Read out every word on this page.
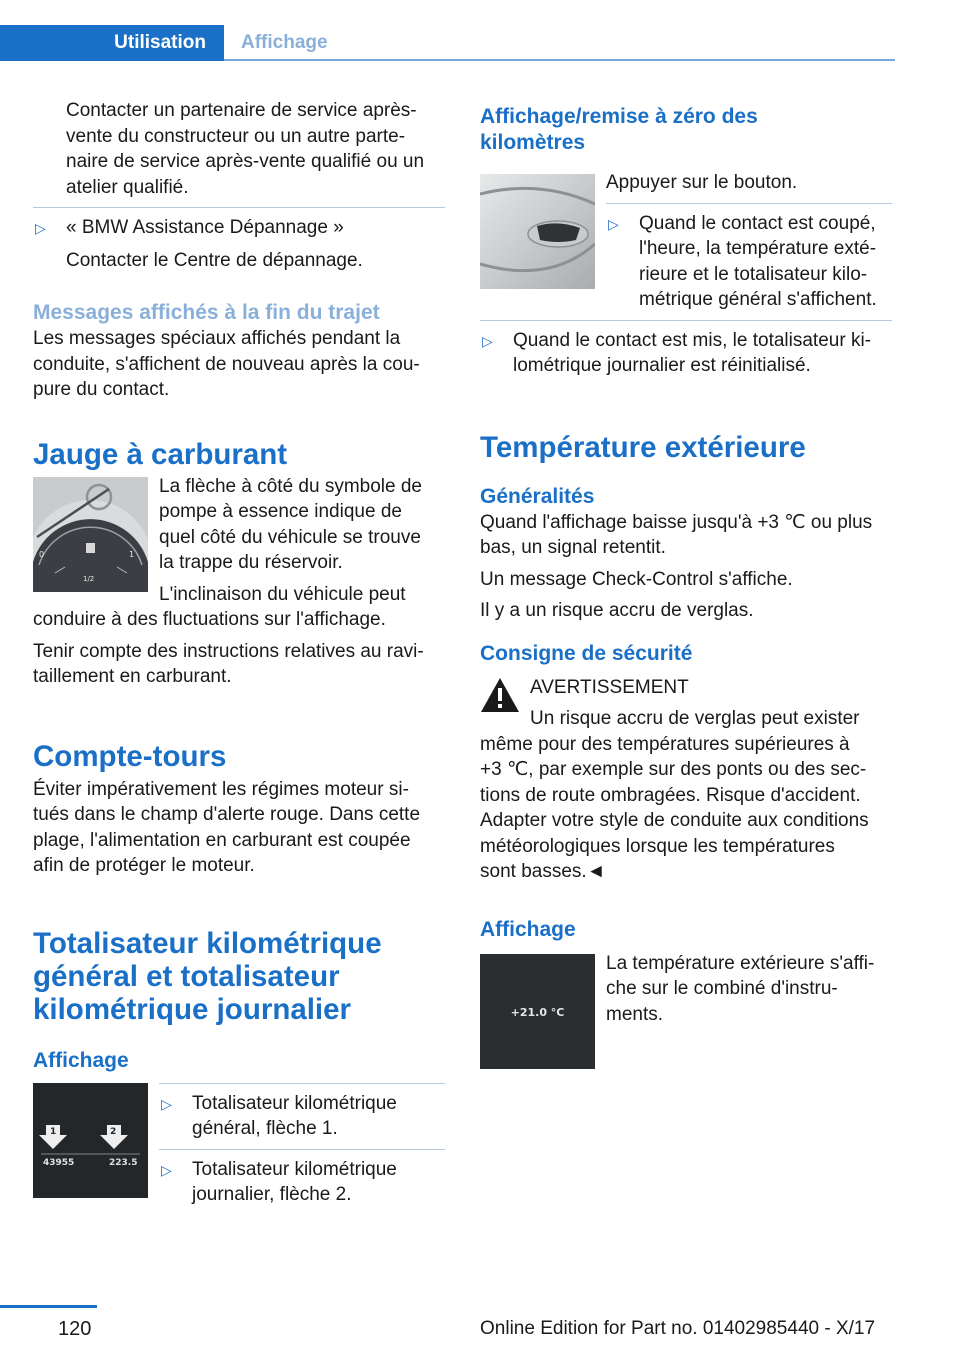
Utilisation Affichage

Contacter un partenaire de service après-

vente du constructeur ou un autre parte-

naire de service après-vente qualifié ou un

atelier qualifié.

▷	« BMW Assistance Dépannage »

Contacter le Centre de dépannage.

Messages affichés à la fin du trajet

Les messages spéciaux affichés pendant la

conduite, s'affichent de nouveau après la cou-

pure du contact.

Jauge à carburant
0
1/2
1

La flèche à côté du symbole de

pompe à essence indique de

quel côté du véhicule se trouve

la trappe du réservoir.

L'inclinaison du véhicule peut

conduire à des fluctuations sur l'affichage.

Tenir compte des instructions relatives au ravi-

taillement en carburant.

Compte-tours

Éviter impérativement les régimes moteur si-

tués dans le champ d'alerte rouge. Dans cette

plage, l'alimentation en carburant est coupée

afin de protéger le moteur.

Totalisateur kilométrique
général et totalisateur
kilométrique journalier
Affichage
1	2
43955	223.5
▷	Totalisateur kilométrique
général, flèche 1.
▷	Totalisateur kilométrique
journalier, flèche 2.
Affichage/remise à zéro des
kilomètres

Appuyer sur le bouton.

▷	Quand le contact est coupé,
l'heure, la température exté-
rieure et le totalisateur kilo-
métrique général s'affichent.
▷	Quand le contact est mis, le totalisateur ki-
lométrique journalier est réinitialisé.
Température extérieure
Généralités

Quand l'affichage baisse jusqu'à +3 ℃ ou plus

bas, un signal retentit.

Un message Check-Control s'affiche.

Il y a un risque accru de verglas.

Consigne de sécurité

AVERTISSEMENT

Un risque accru de verglas peut exister

même pour des températures supérieures à

+3 ℃, par exemple sur des ponts ou des sec-

tions de route ombragées. Risque d'accident.

Adapter votre style de conduite aux conditions

météorologiques lorsque les températures

sont basses.◄

Affichage
+21.0 °C

La température extérieure s'affi-

che sur le combiné d'instru-

ments.

120	Online Edition for Part no. 01402985440 - X/17
